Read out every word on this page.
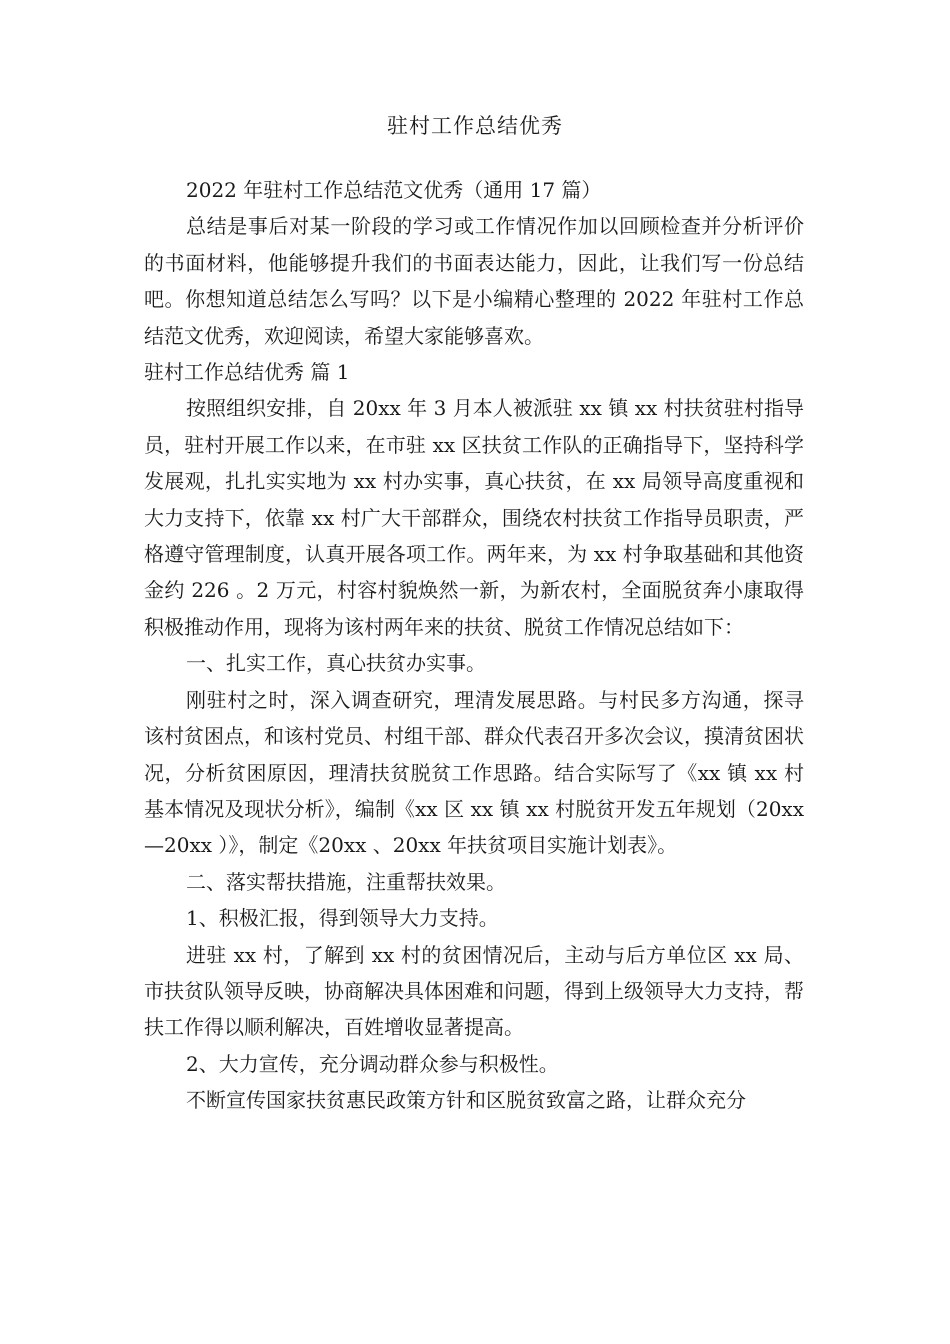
驻村工作总结优秀

2022 年驻村工作总结范文优秀（通用 17 篇）

总结是事后对某一阶段的学习或工作情况作加以回顾检查并分析评价的书面材料，他能够提升我们的书面表达能力，因此，让我们写一份总结吧。你想知道总结怎么写吗？以下是小编精心整理的 2022 年驻村工作总结范文优秀，欢迎阅读，希望大家能够喜欢。

驻村工作总结优秀 篇 1

按照组织安排，自 20xx 年 3 月本人被派驻 xx 镇 xx 村扶贫驻村指导员，驻村开展工作以来，在市驻 xx 区扶贫工作队的正确指导下，坚持科学发展观，扎扎实实地为 xx 村办实事，真心扶贫，在 xx 局领导高度重视和大力支持下，依靠 xx 村广大干部群众，围绕农村扶贫工作指导员职责，严格遵守管理制度，认真开展各项工作。两年来，为 xx 村争取基础和其他资金约 226 。2 万元，村容村貌焕然一新，为新农村，全面脱贫奔小康取得积极推动作用，现将为该村两年来的扶贫、脱贫工作情况总结如下：

一、扎实工作，真心扶贫办实事。

刚驻村之时，深入调查研究，理清发展思路。与村民多方沟通，探寻该村贫困点，和该村党员、村组干部、群众代表召开多次会议，摸清贫困状况，分析贫困原因，理清扶贫脱贫工作思路。结合实际写了《xx 镇 xx 村基本情况及现状分析》，编制《xx 区 xx 镇 xx 村脱贫开发五年规划（20xx—20xx ）》，制定《20xx 、20xx 年扶贫项目实施计划表》。

二、落实帮扶措施，注重帮扶效果。

1、积极汇报，得到领导大力支持。

进驻 xx 村，了解到 xx 村的贫困情况后，主动与后方单位区 xx 局、市扶贫队领导反映，协商解决具体困难和问题，得到上级领导大力支持，帮扶工作得以顺利解决，百姓增收显著提高。

2、大力宣传，充分调动群众参与积极性。

不断宣传国家扶贫惠民政策方针和区脱贫致富之路，让群众充分
